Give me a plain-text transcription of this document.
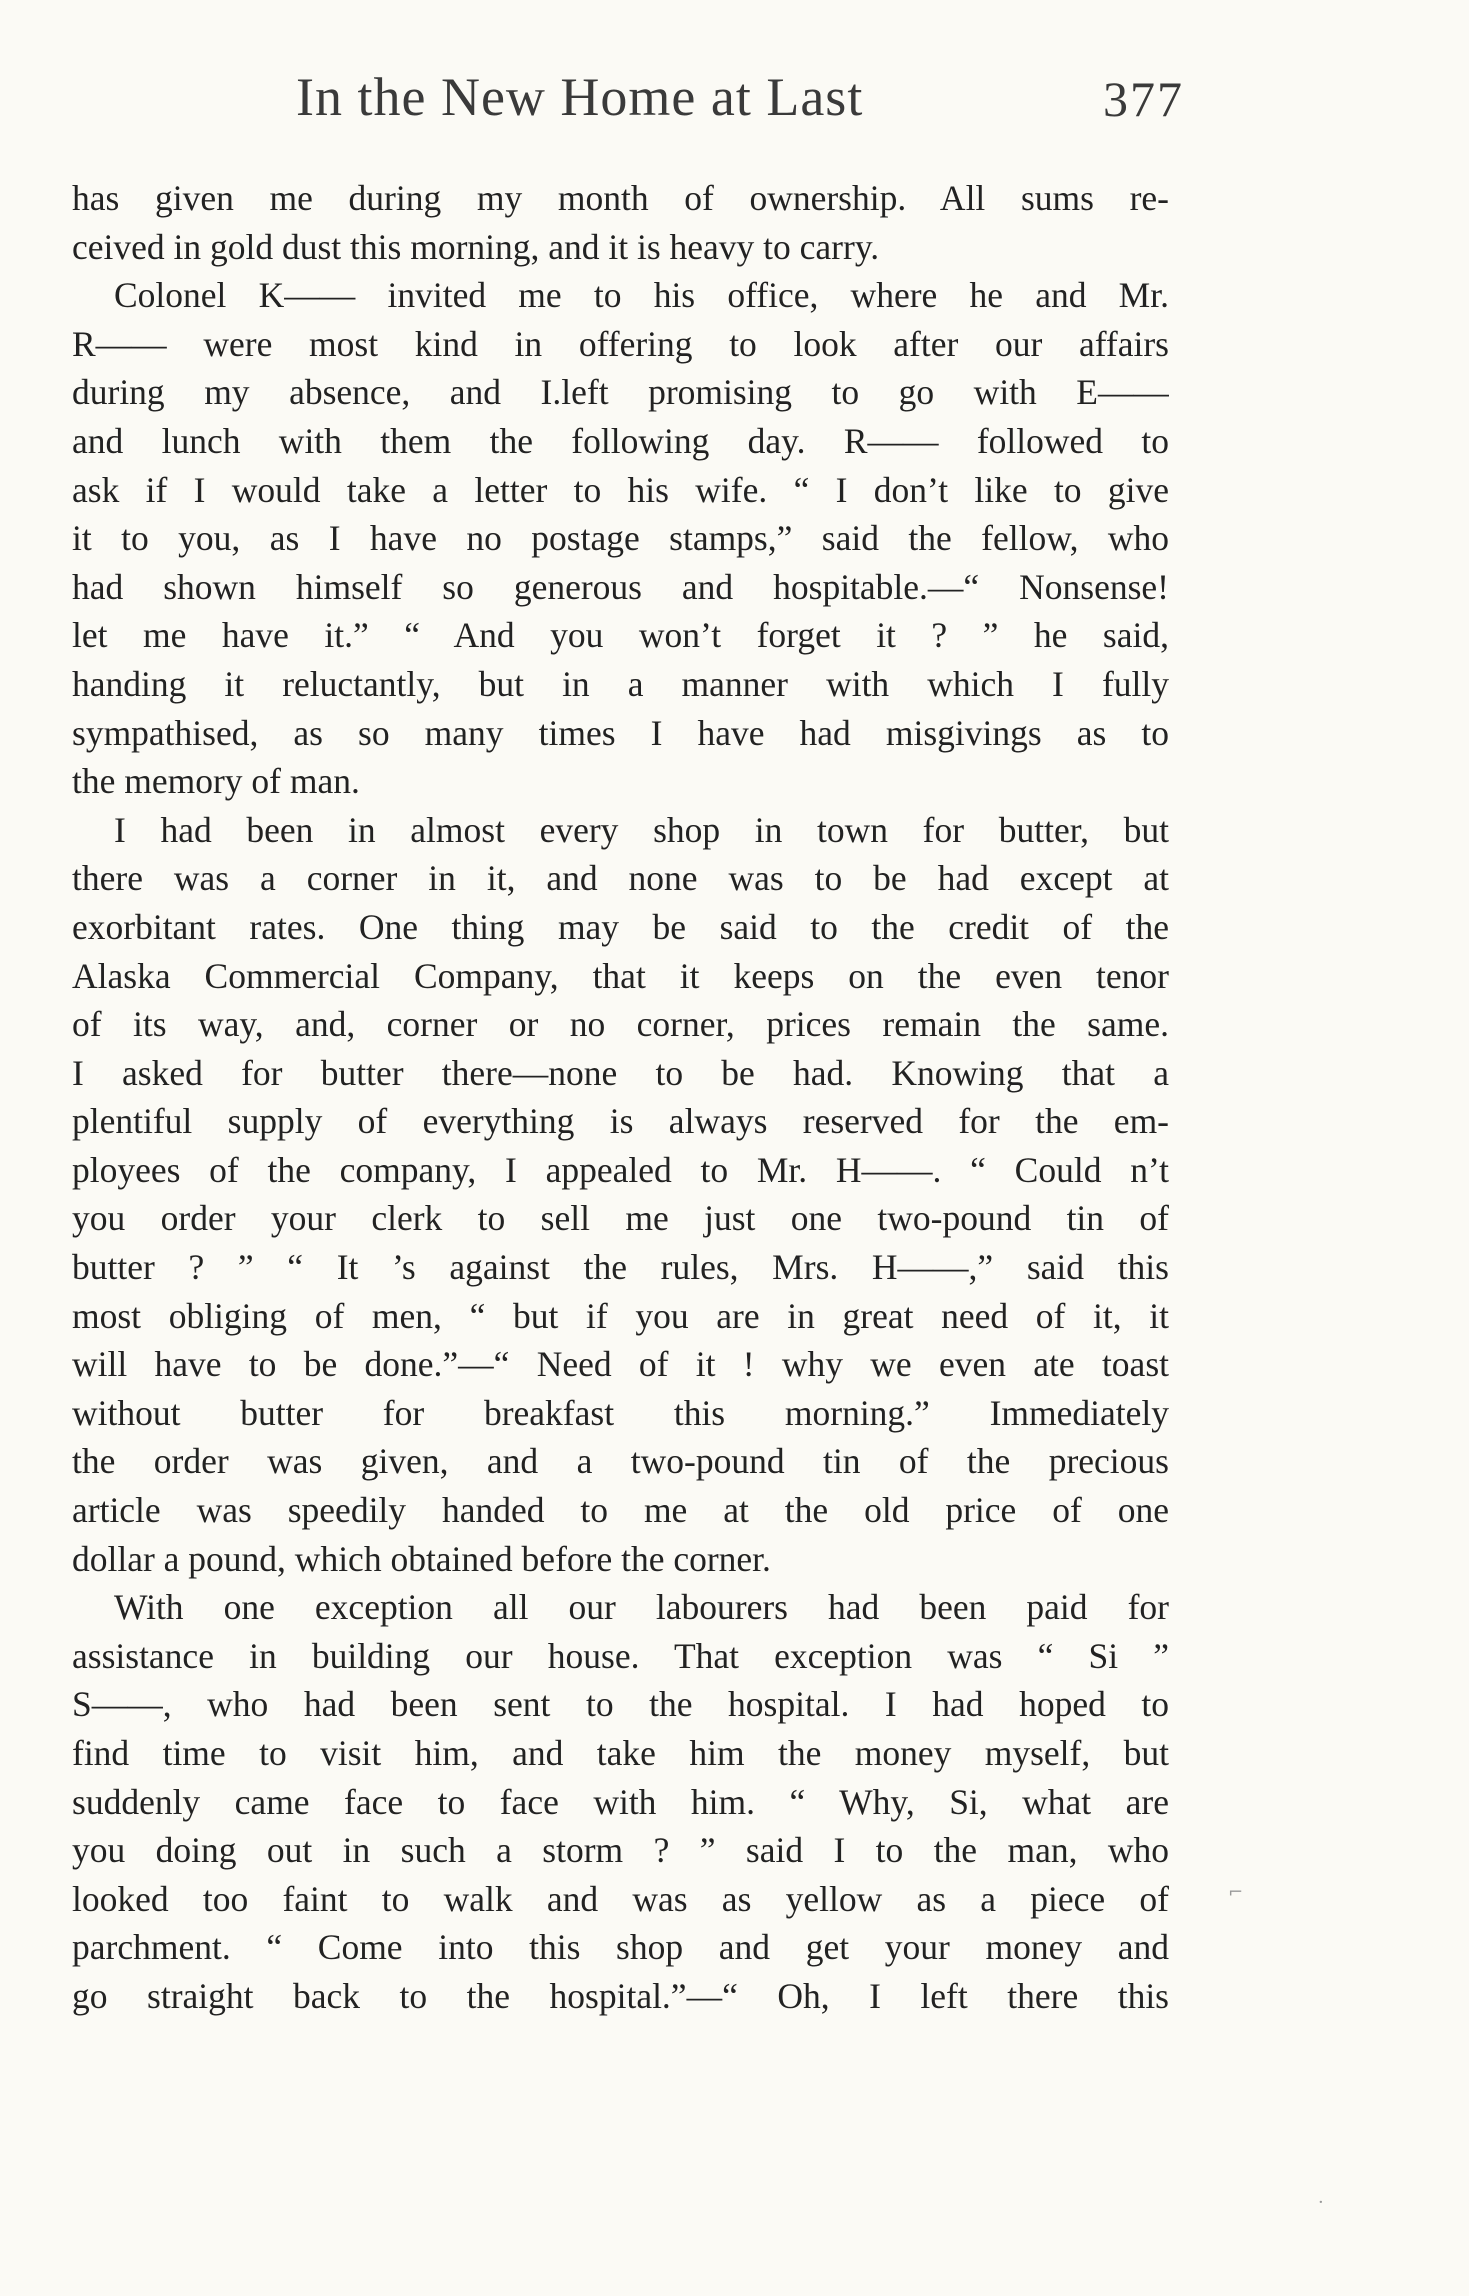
In the New Home at Last	377
has given me during my month of ownership. All sums re-
ceived in gold dust this morning, and it is heavy to carry.
Colonel K—— invited me to his office, where he and Mr.
R—— were most kind in offering to look after our affairs
during my absence, and I.left promising to go with E——
and lunch with them the following day. R—— followed to
ask if I would take a letter to his wife. “ I don’t like to give
it to you, as I have no postage stamps,” said the fellow, who
had shown himself so generous and hospitable.—“ Nonsense!
let me have it.” “ And you won’t forget it ? ” he said,
handing it reluctantly, but in a manner with which I fully
sympathised, as so many times I have had misgivings as to
the memory of man.
I had been in almost every shop in town for butter, but
there was a corner in it, and none was to be had except at
exorbitant rates. One thing may be said to the credit of the
Alaska Commercial Company, that it keeps on the even tenor
of its way, and, corner or no corner, prices remain the same.
I asked for butter there—none to be had. Knowing that a
plentiful supply of everything is always reserved for the em-
ployees of the company, I appealed to Mr. H——. “ Could n’t
you order your clerk to sell me just one two-pound tin of
butter ? ” “ It ’s against the rules, Mrs. H——,” said this
most obliging of men, “ but if you are in great need of it, it
will have to be done.”—“ Need of it ! why we even ate toast
without butter for breakfast this morning.” Immediately
the order was given, and a two-pound tin of the precious
article was speedily handed to me at the old price of one
dollar a pound, which obtained before the corner.
With one exception all our labourers had been paid for
assistance in building our house. That exception was “ Si ”
S——, who had been sent to the hospital. I had hoped to
find time to visit him, and take him the money myself, but
suddenly came face to face with him. “ Why, Si, what are
you doing out in such a storm ? ” said I to the man, who
looked too faint to walk and was as yellow as a piece of
parchment. “ Come into this shop and get your money and
go straight back to the hospital.”—“ Oh, I left there this
⌐
·
